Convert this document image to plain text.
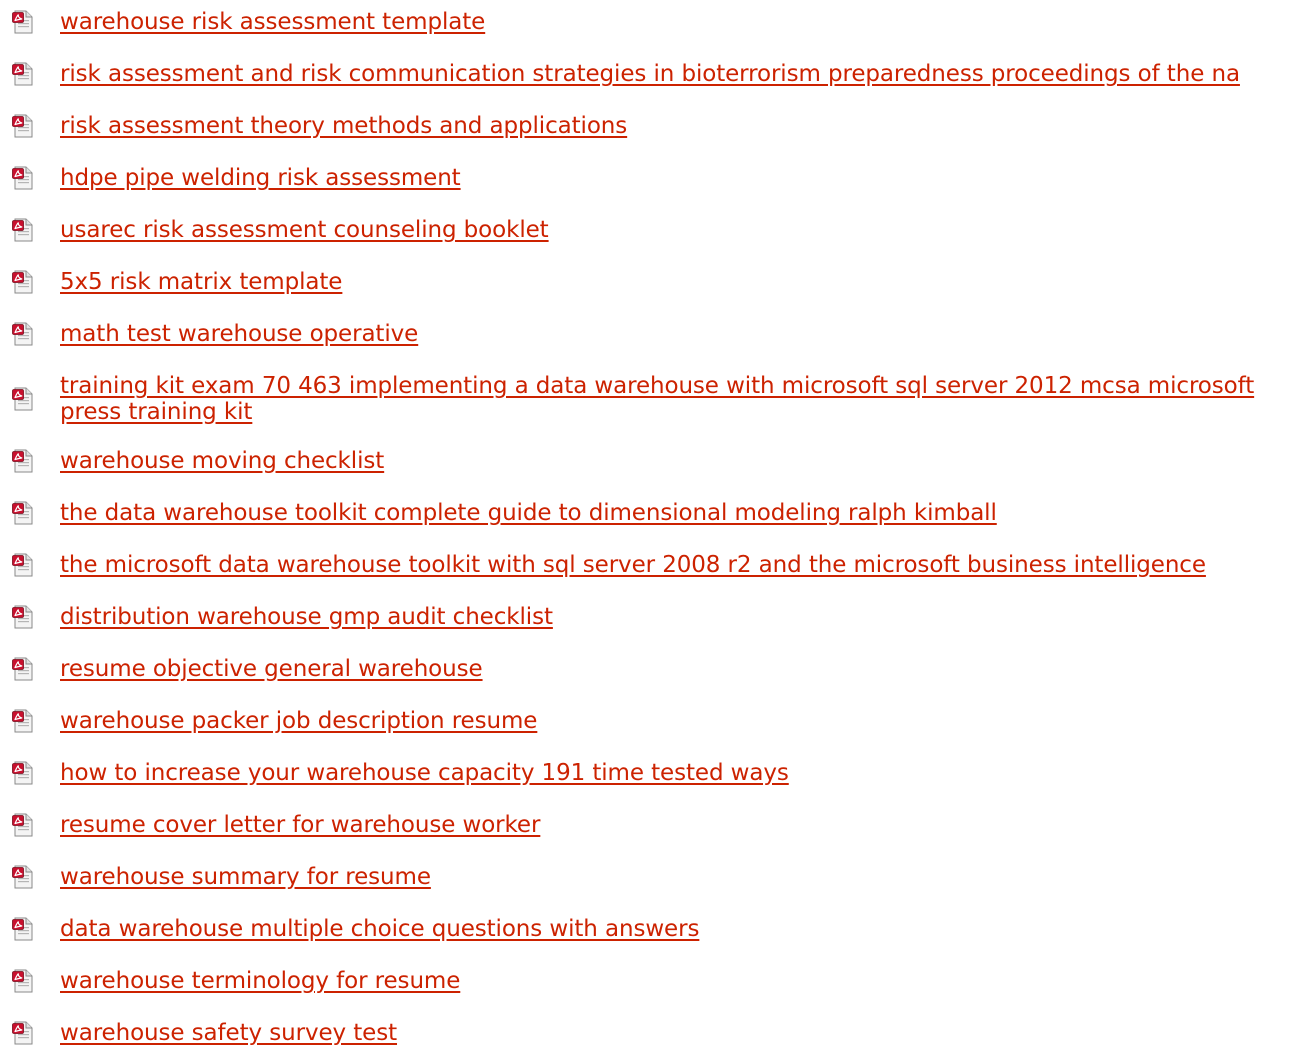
warehouse risk assessment template
risk assessment and risk communication strategies in bioterrorism preparedness proceedings of the na
risk assessment theory methods and applications
hdpe pipe welding risk assessment
usarec risk assessment counseling booklet
5x5 risk matrix template
math test warehouse operative
training kit exam 70 463 implementing a data warehouse with microsoft sql server 2012 mcsa microsoft press training kit
warehouse moving checklist
the data warehouse toolkit complete guide to dimensional modeling ralph kimball
the microsoft data warehouse toolkit with sql server 2008 r2 and the microsoft business intelligence
distribution warehouse gmp audit checklist
resume objective general warehouse
warehouse packer job description resume
how to increase your warehouse capacity 191 time tested ways
resume cover letter for warehouse worker
warehouse summary for resume
data warehouse multiple choice questions with answers
warehouse terminology for resume
warehouse safety survey test
